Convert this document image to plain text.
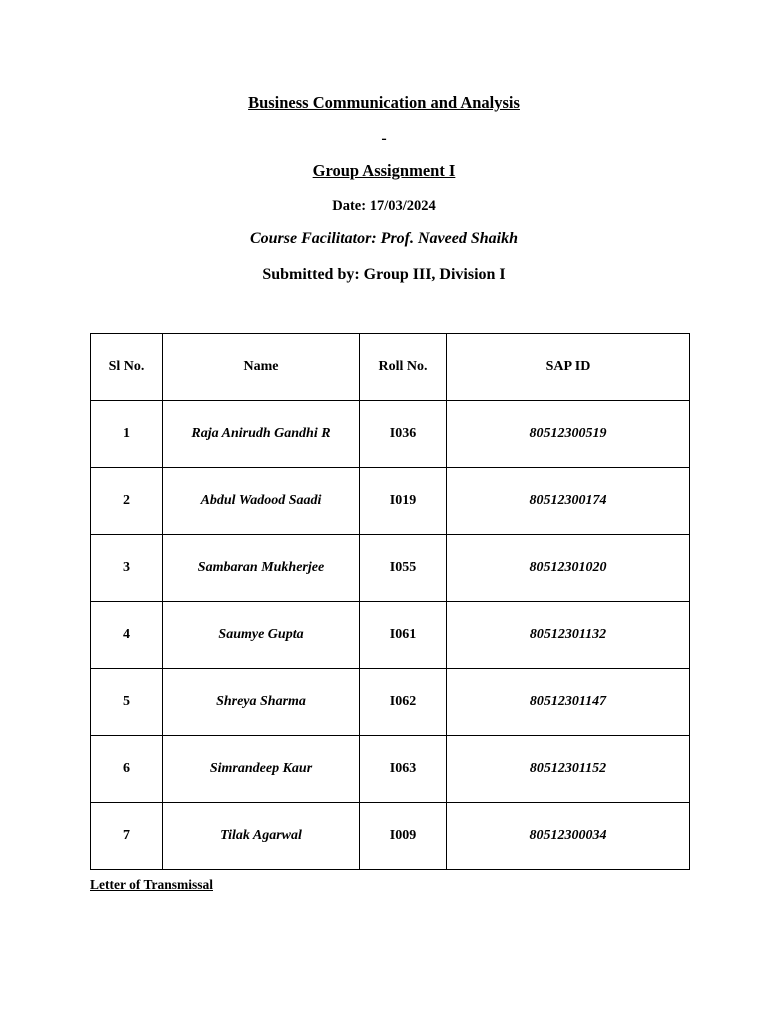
Business Communication and Analysis
-
Group Assignment I
Date: 17/03/2024
Course Facilitator: Prof. Naveed Shaikh
Submitted by: Group III, Division I
Sl No.	Name	Roll No.	SAP ID
1	Raja Anirudh Gandhi R	I036	80512300519
2	Abdul Wadood Saadi	I019	80512300174
3	Sambaran Mukherjee	I055	80512301020
4	Saumye Gupta	I061	80512301132
5	Shreya Sharma	I062	80512301147
6	Simrandeep Kaur	I063	80512301152
7	Tilak Agarwal	I009	80512300034
Letter of Transmissal
